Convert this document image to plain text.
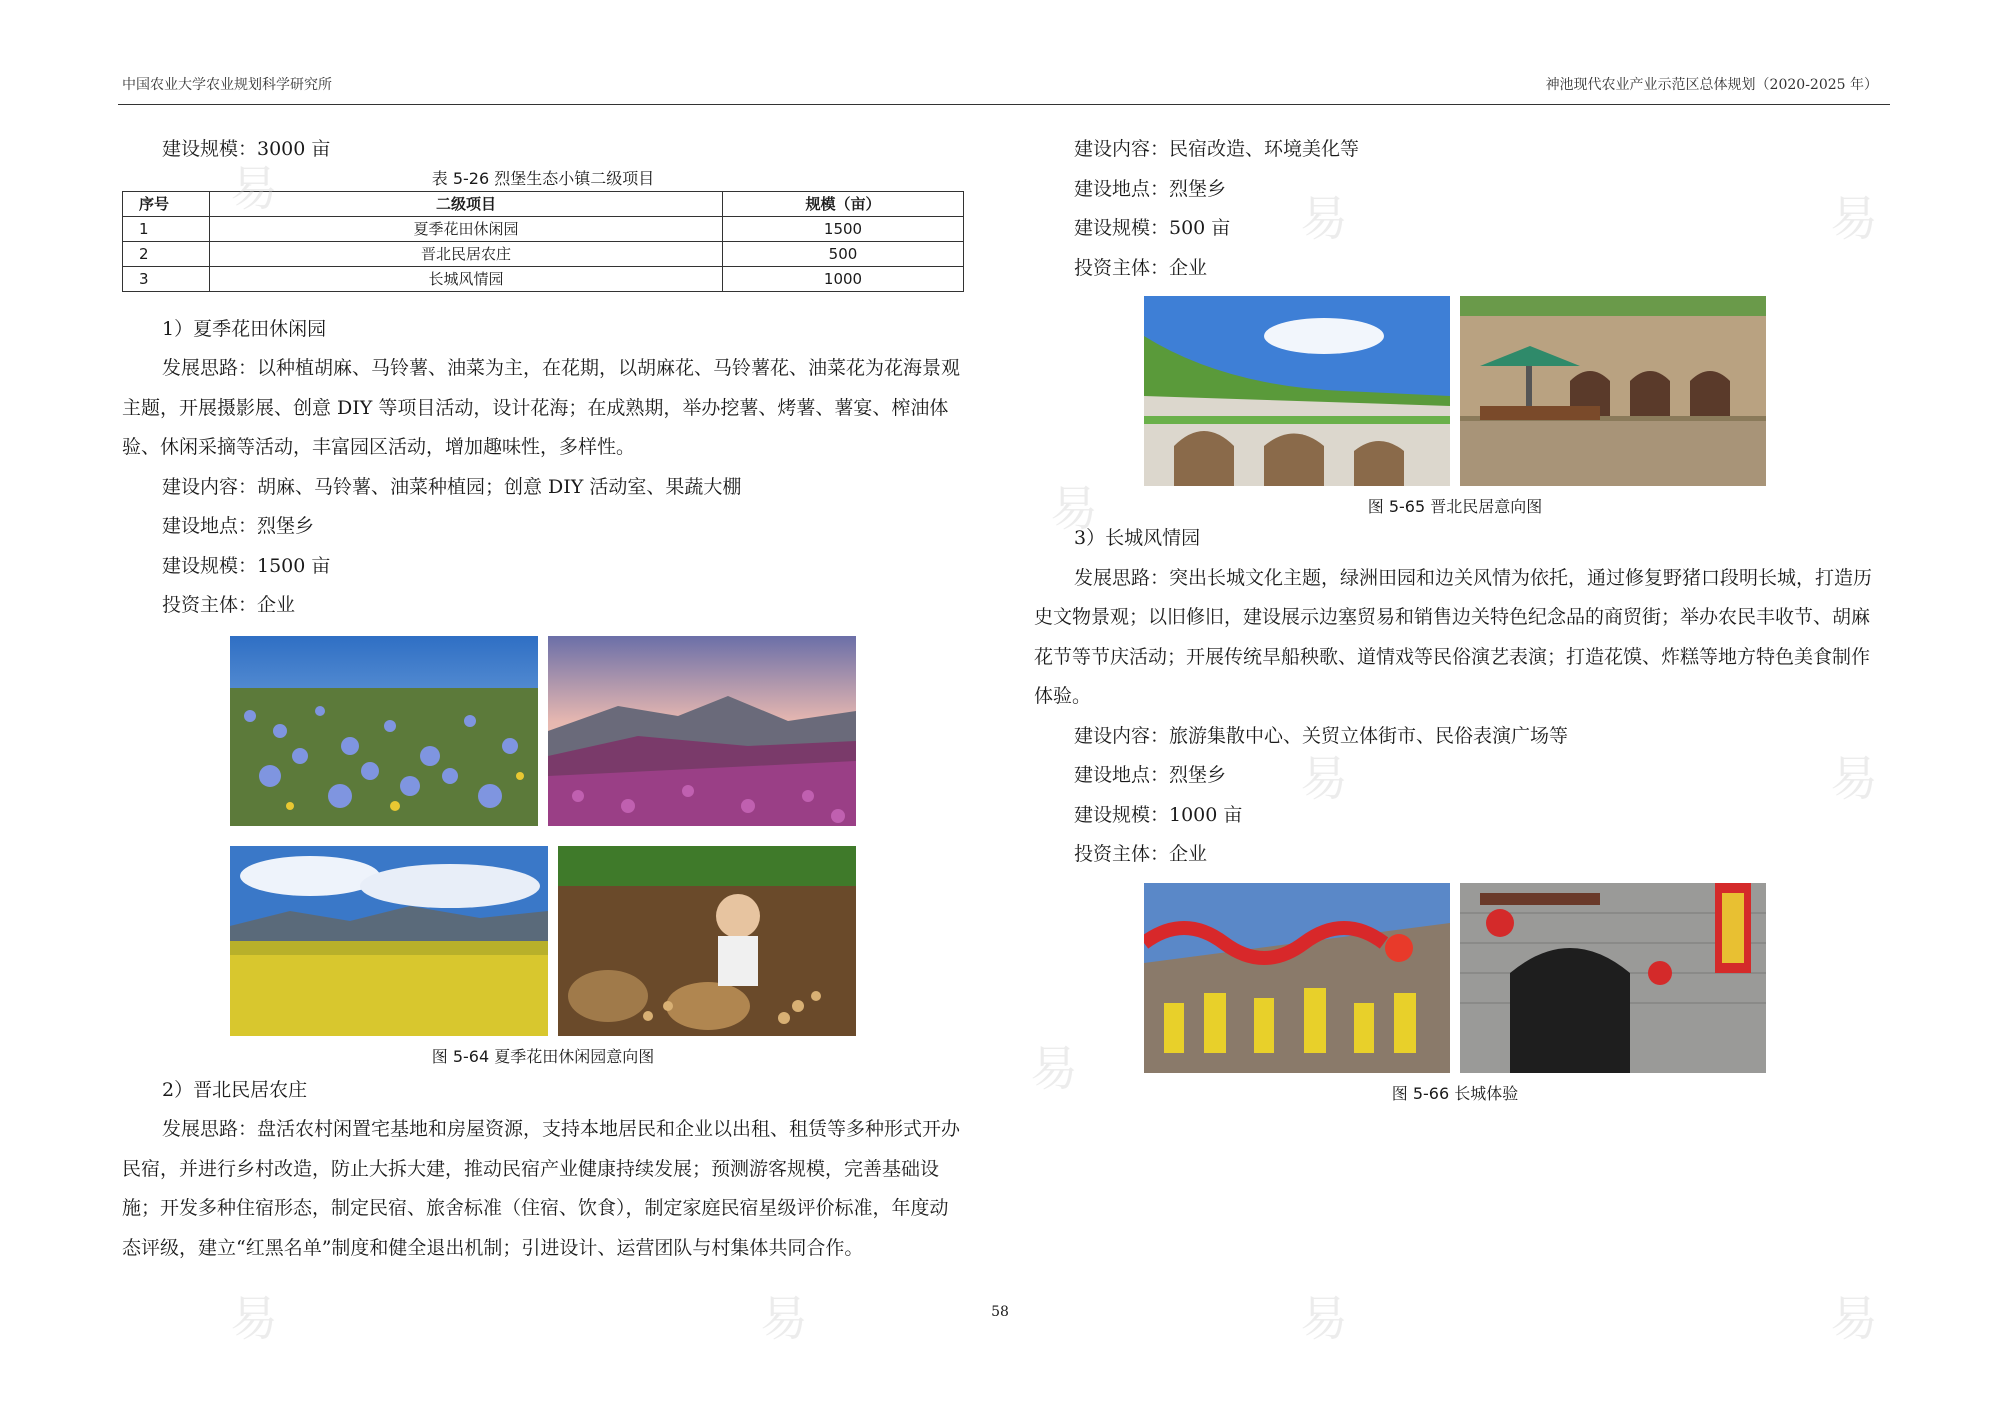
中国农业大学农业规划科学研究所	神池现代农业产业示范区总体规划（2020-2025 年）

建设规模：3000 亩

表 5-26 烈堡生态小镇二级项目

序号	二级项目	规模（亩）
1	夏季花田休闲园	1500
2	晋北民居农庄	500
3	长城风情园	1000

1）夏季花田休闲园

发展思路：以种植胡麻、马铃薯、油菜为主，在花期，以胡麻花、马铃薯花、油菜花为花海景观主题，开展摄影展、创意 DIY 等项目活动，设计花海；在成熟期，举办挖薯、烤薯、薯宴、榨油体验、休闲采摘等活动，丰富园区活动，增加趣味性，多样性。

建设内容：胡麻、马铃薯、油菜种植园；创意 DIY 活动室、果蔬大棚

建设地点：烈堡乡

建设规模：1500 亩

投资主体：企业

图 5-64 夏季花田休闲园意向图

2）晋北民居农庄

发展思路：盘活农村闲置宅基地和房屋资源，支持本地居民和企业以出租、租赁等多种形式开办民宿，并进行乡村改造，防止大拆大建，推动民宿产业健康持续发展；预测游客规模，完善基础设施；开发多种住宿形态，制定民宿、旅舍标准（住宿、饮食），制定家庭民宿星级评价标准，年度动态评级，建立“红黑名单”制度和健全退出机制；引进设计、运营团队与村集体共同合作。

建设内容：民宿改造、环境美化等

建设地点：烈堡乡

建设规模：500 亩

投资主体：企业

图 5-65 晋北民居意向图

3）长城风情园

发展思路：突出长城文化主题，绿洲田园和边关风情为依托，通过修复野猪口段明长城，打造历史文物景观；以旧修旧，建设展示边塞贸易和销售边关特色纪念品的商贸街；举办农民丰收节、胡麻花节等节庆活动；开展传统旱船秧歌、道情戏等民俗演艺表演；打造花馍、炸糕等地方特色美食制作体验。

建设内容：旅游集散中心、关贸立体街市、民俗表演广场等

建设地点：烈堡乡

建设规模：1000 亩

投资主体：企业

图 5-66 长城体验

58
易
易	易
易
易	易
易
易	易	易	易
